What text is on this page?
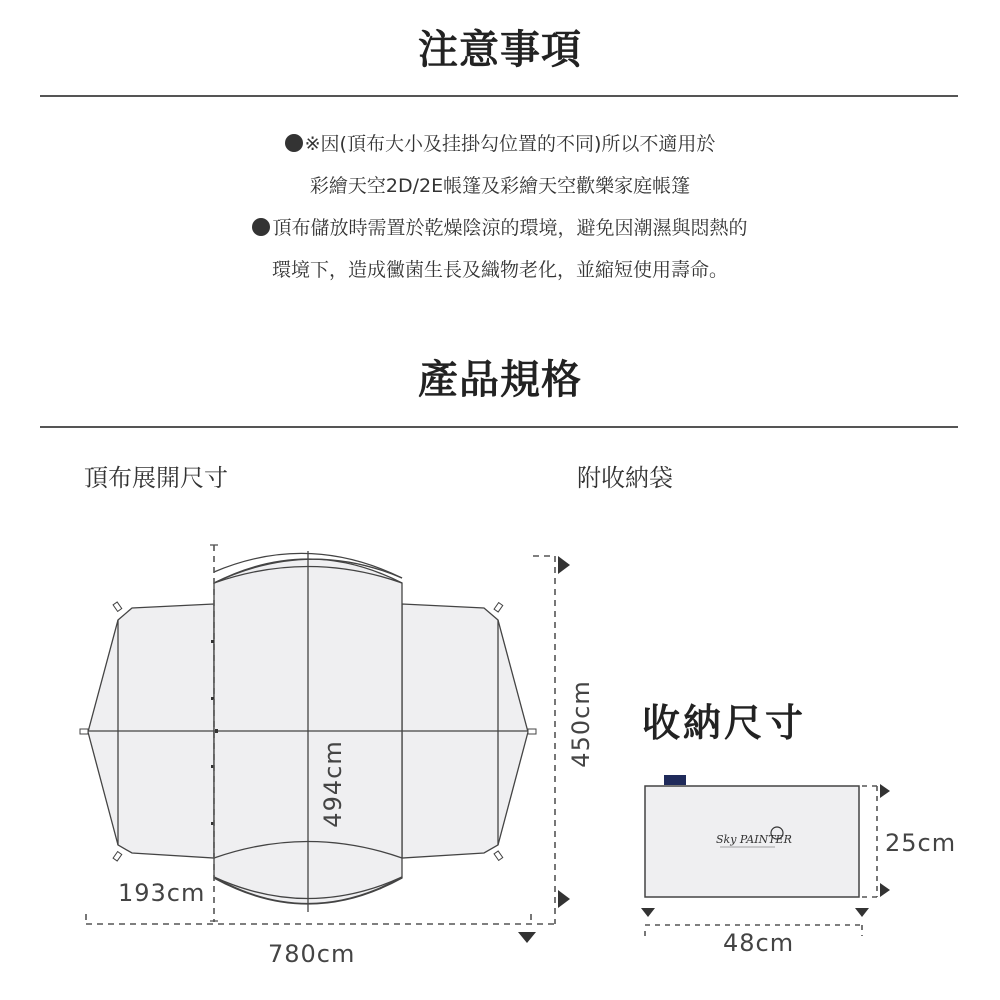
注意事項
※因(頂布大小及挂掛勾位置的不同)所以不適用於
彩繪天空2D/2E帳篷及彩繪天空歡樂家庭帳篷
頂布儲放時需置於乾燥陰涼的環境，避免因潮濕與悶熱的
環境下，造成黴菌生長及織物老化，並縮短使用壽命。
產品規格
頂布展開尺寸	附收納袋
收納尺寸
Sky PAINTER
494cm
450cm
193cm
780cm
25cm
48cm
